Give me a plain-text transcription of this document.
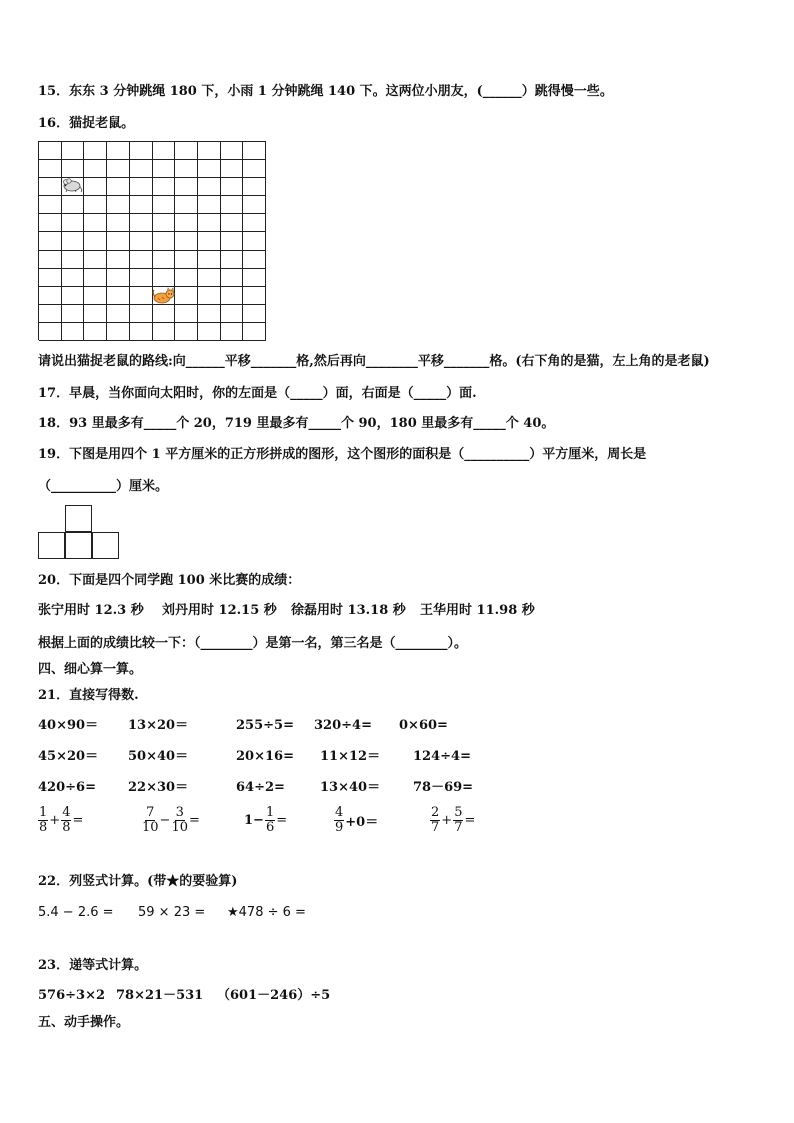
15．东东 3 分钟跳绳 180 下，小雨 1 分钟跳绳 140 下。这两位小朋友，(______）跳得慢一些。
16．猫捉老鼠。
请说出猫捉老鼠的路线:向______平移_______格,然后再向________平移_______格。(右下角的是猫，左上角的是老鼠)
17．早晨，当你面向太阳时，你的左面是（_____）面，右面是（_____）面.
18．93 里最多有_____个 20，719 里最多有_____个 90，180 里最多有_____个 40。
19．下图是用四个 1 平方厘米的正方形拼成的图形，这个图形的面积是（__________）平方厘米，周长是
（__________）厘米。
20．下面是四个同学跑 100 米比赛的成绩：
张宁用时 12.3 秒 刘丹用时 12.15 秒 徐磊用时 13.18 秒 王华用时 11.98 秒
根据上面的成绩比较一下：（________）是第一名，第三名是（________）。
四、细心算一算。
21．直接写得数.
40×90＝ 13×20＝	255÷5= 320÷4= 0×60=
45×20＝ 50×40＝	20×16= 11×12＝	124÷4=
420÷6= 22×30＝	64÷2=	13×40＝	78－69=
$\frac{1}{8} + \frac{4}{8}$ =	$\frac{7}{10} - \frac{3}{10}$ =	$1- \frac{1}{6}$ =	$\frac{4}{9} +0=$	$\frac{2}{7} + \frac{5}{7}$ =
22．列竖式计算。(带★的要验算)
5.4 − 2.6 = 59 × 23 = ★478 ÷ 6 =
23．递等式计算。
576÷3×2 78×21－531 （601－246）÷5
五、动手操作。
